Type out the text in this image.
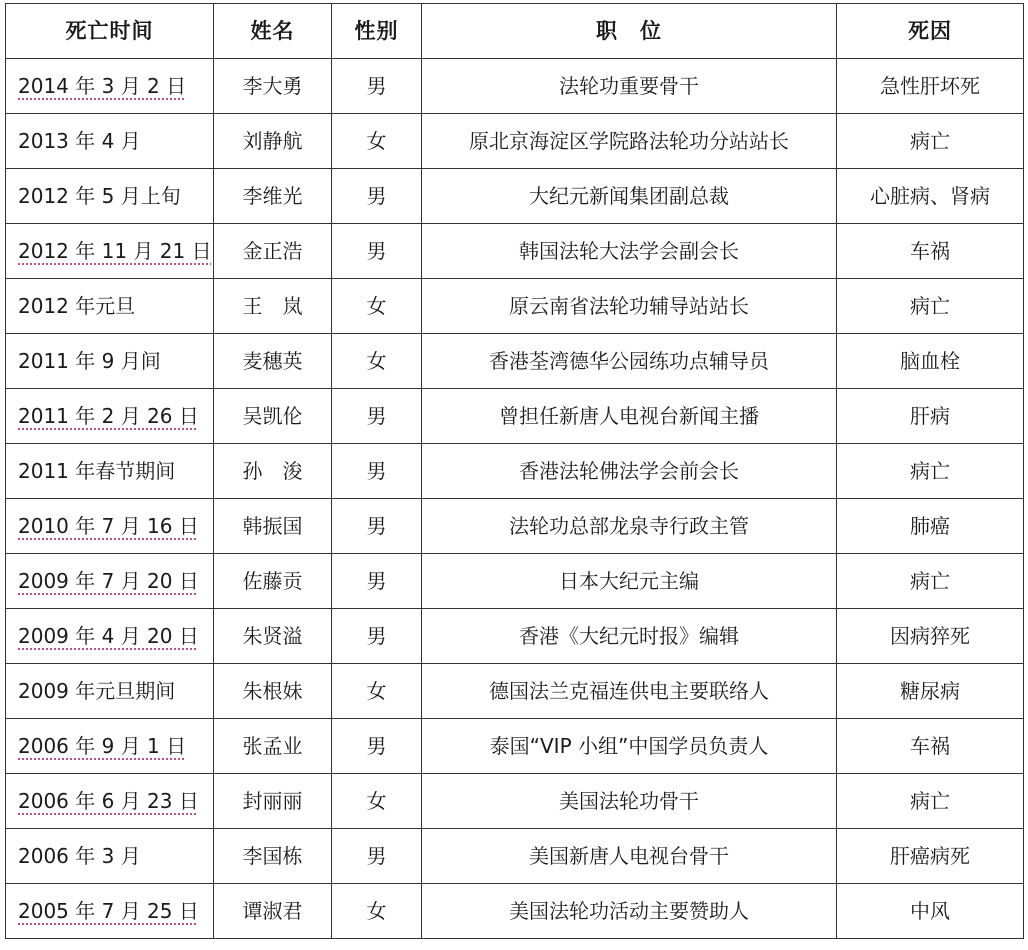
死亡时间	姓名	性别	职　位	死因
2014 年 3 月 2 日	李大勇	男	法轮功重要骨干	急性肝坏死
2013 年 4 月	刘静航	女	原北京海淀区学院路法轮功分站站长	病亡
2012 年 5 月上旬	李维光	男	大纪元新闻集团副总裁	心脏病、肾病
2012 年 11 月 21 日	金正浩	男	韩国法轮大法学会副会长	车祸
2012 年元旦	王　岚	女	原云南省法轮功辅导站站长	病亡
2011 年 9 月间	麦穗英	女	香港荃湾德华公园练功点辅导员	脑血栓
2011 年 2 月 26 日	吴凯伦	男	曾担任新唐人电视台新闻主播	肝病
2011 年春节期间	孙　浚	男	香港法轮佛法学会前会长	病亡
2010 年 7 月 16 日	韩振国	男	法轮功总部龙泉寺行政主管	肺癌
2009 年 7 月 20 日	佐藤贡	男	日本大纪元主编	病亡
2009 年 4 月 20 日	朱贤溢	男	香港《大纪元时报》编辑	因病猝死
2009 年元旦期间	朱根妹	女	德国法兰克福连供电主要联络人	糖尿病
2006 年 9 月 1 日	张孟业	男	泰国“VIP 小组”中国学员负责人	车祸
2006 年 6 月 23 日	封丽丽	女	美国法轮功骨干	病亡
2006 年 3 月	李国栋	男	美国新唐人电视台骨干	肝癌病死
2005 年 7 月 25 日	谭淑君	女	美国法轮功活动主要赞助人	中风
